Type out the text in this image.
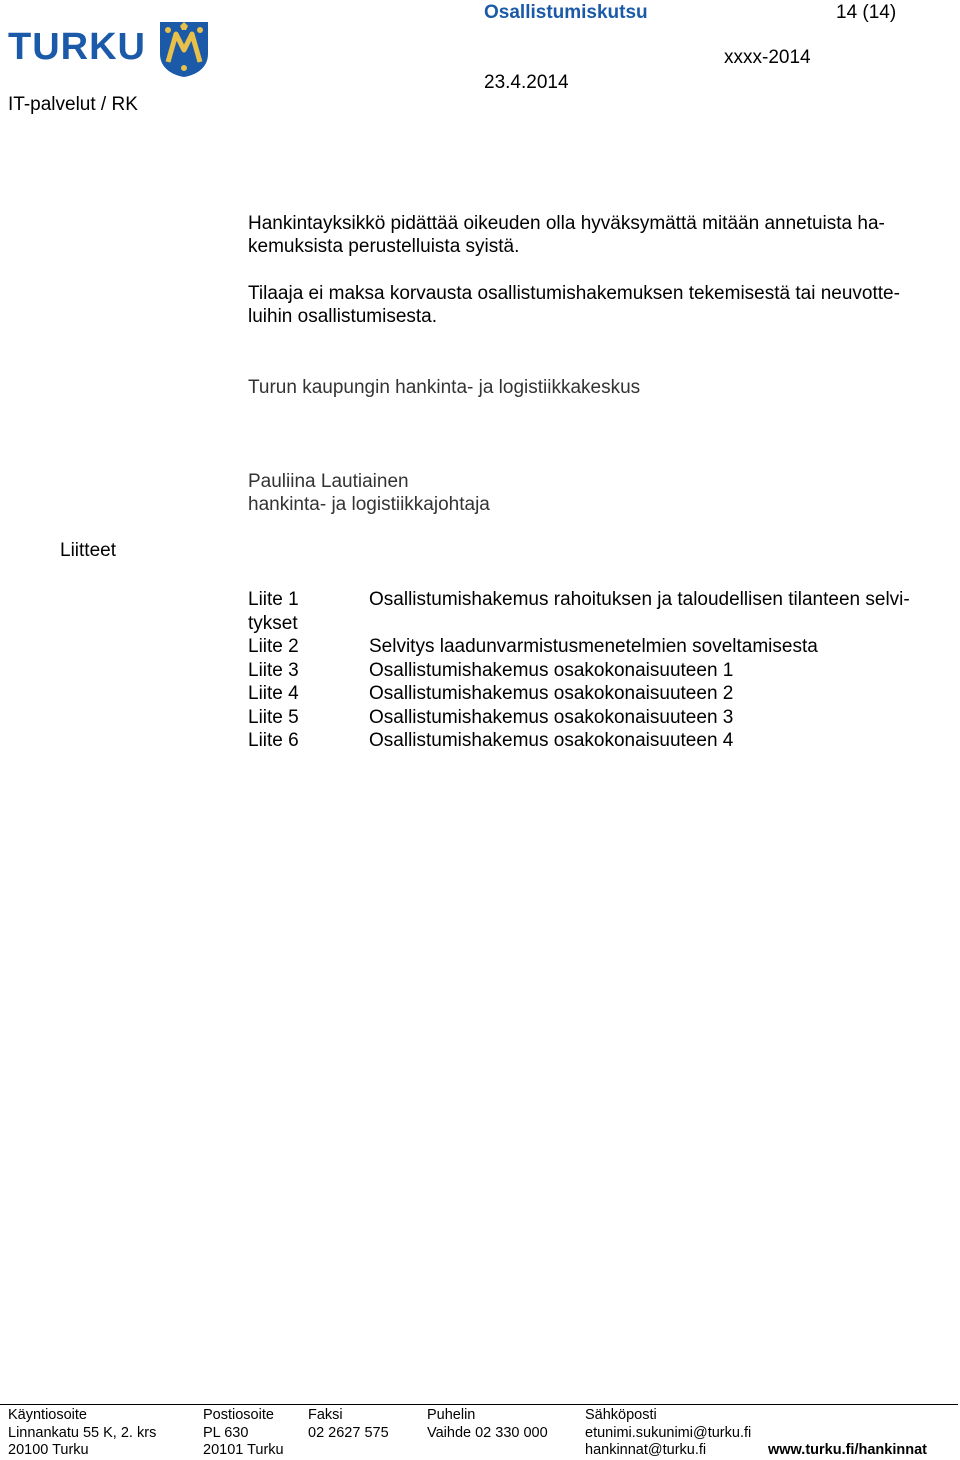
TURKU
Osallistumiskutsu	14 (14)
xxxx-2014
23.4.2014
IT-palvelut / RK
Hankintayksikkö pidättää oikeuden olla hyväksymättä mitään annetuista ha-
kemuksista perustelluista syistä.
Tilaaja ei maksa korvausta osallistumishakemuksen tekemisestä tai neuvotte-
luihin osallistumisesta.
Turun kaupungin hankinta- ja logistiikkakeskus
Pauliina Lautiainen
hankinta- ja logistiikkajohtaja
Liitteet
Liite 1	Osallistumishakemus rahoituksen ja taloudellisen tilanteen selvi-
tykset
Liite 2	Selvitys laadunvarmistusmenetelmien soveltamisesta
Liite 3	Osallistumishakemus osakokonaisuuteen 1
Liite 4	Osallistumishakemus osakokonaisuuteen 2
Liite 5	Osallistumishakemus osakokonaisuuteen 3
Liite 6	Osallistumishakemus osakokonaisuuteen 4
Käyntiosoite
Linnankatu 55 K, 2. krs
20100 Turku
Postiosoite
PL 630
20101 Turku
Faksi
02 2627 575
Puhelin
Vaihde 02 330 000
Sähköposti
etunimi.sukunimi@turku.fi
hankinnat@turku.fi	www.turku.fi/hankinnat
